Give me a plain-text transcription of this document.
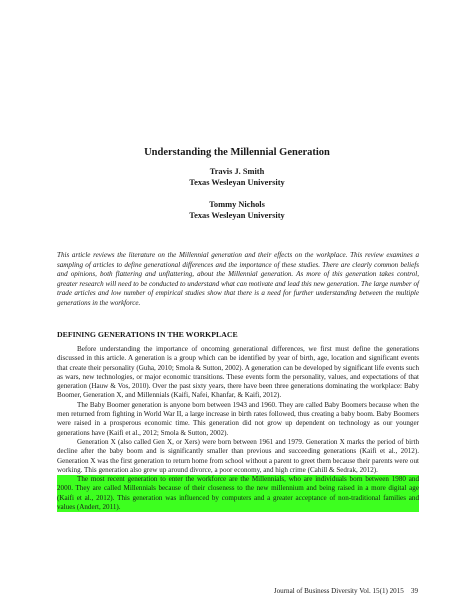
Understanding the Millennial Generation
Travis J. Smith
Texas Wesleyan University
Tommy Nichols
Texas Wesleyan University

This article reviews the literature on the Millennial generation and their effects on the workplace. This review examines a sampling of articles to define generational differences and the importance of these studies. There are clearly common beliefs and opinions, both flattering and unflattering, about the Millennial generation. As more of this generation takes control, greater research will need to be conducted to understand what can motivate and lead this new generation. The large number of trade articles and low number of empirical studies show that there is a need for further understanding between the multiple generations in the workforce.

DEFINING GENERATIONS IN THE WORKPLACE

Before understanding the importance of oncoming generational differences, we first must define the generations discussed in this article. A generation is a group which can be identified by year of birth, age, location and significant events that create their personality (Guha, 2010; Smola & Sutton, 2002). A generation can be developed by significant life events such as wars, new technologies, or major economic transitions. These events form the personality, values, and expectations of that generation (Hauw & Vos, 2010). Over the past sixty years, there have been three generations dominating the workplace: Baby Boomer, Generation X, and Millennials (Kaifi, Nafei, Khanfar, & Kaifi, 2012).

The Baby Boomer generation is anyone born between 1943 and 1960. They are called Baby Boomers because when the men returned from fighting in World War II, a large increase in birth rates followed, thus creating a baby boom. Baby Boomers were raised in a prosperous economic time. This generation did not grow up dependent on technology as our younger generations have (Kaifi et al., 2012; Smola & Sutton, 2002).

Generation X (also called Gen X, or Xers) were born between 1961 and 1979. Generation X marks the period of birth decline after the baby boom and is significantly smaller than previous and succeeding generations (Kaifi et al., 2012). Generation X was the first generation to return home from school without a parent to greet them because their parents were out working. This generation also grew up around divorce, a poor economy, and high crime (Cahill & Sedrak, 2012).

The most recent generation to enter the workforce are the Millennials, who are individuals born between 1980 and 2000. They are called Millennials because of their closeness to the new millennium and being raised in a more digital age (Kaifi et al., 2012). This generation was influenced by computers and a greater acceptance of non-traditional families and values (Andert, 2011).

Journal of Business Diversity Vol. 15(1) 2015    39
